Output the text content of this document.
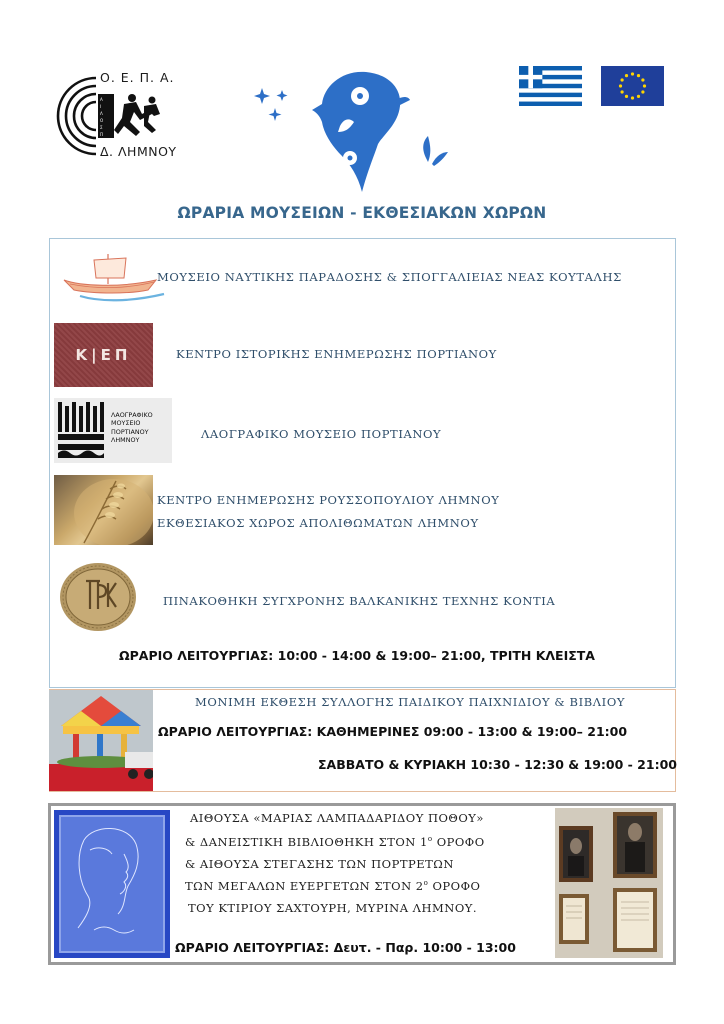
Α
Ι
Λ
Ο
Σ
Π
Ο. Ε. Π. Α.
Δ. ΛΗΜΝΟΥ
ΩΡΑΡΙΑ ΜΟΥΣΕΙΩΝ - ΕΚΘΕΣΙΑΚΩΝ ΧΩΡΩΝ
ΜΟΥΣΕΙΟ ΝΑΥΤΙΚΗΣ ΠΑΡΑΔΟΣΗΣ & ΣΠΟΓΓΑΛΙΕΙΑΣ ΝΕΑΣ ΚΟΥΤΑΛΗΣ
Κ|ΕΠ	ΚΕΝΤΡΟ ΙΣΤΟΡΙΚΗΣ ΕΝΗΜΕΡΩΣΗΣ ΠΟΡΤΙΑΝΟΥ
ΛΑΟΓΡΑΦΙΚΟ
ΜΟΥΣΕΙΟ
ΠΟΡΤΙΑΝΟΥ
ΛΗΜΝΟΥ	ΛΑΟΓΡΑΦΙΚΟ ΜΟΥΣΕΙΟ ΠΟΡΤΙΑΝΟΥ
ΚΕΝΤΡΟ ΕΝΗΜΕΡΩΣΗΣ ΡΟΥΣΣΟΠΟΥΛΙΟΥ ΛΗΜΝΟΥ
ΕΚΘΕΣΙΑΚΟΣ ΧΩΡΟΣ ΑΠΟΛΙΘΩΜΑΤΩΝ ΛΗΜΝΟΥ
ΠΙΝΑΚΟΘΗΚΗ ΣΥΓΧΡΟΝΗΣ ΒΑΛΚΑΝΙΚΗΣ ΤΕΧΝΗΣ ΚΟΝΤΙΑ
ΩΡΑΡΙΟ ΛΕΙΤΟΥΡΓΙΑΣ: 10:00 - 14:00 & 19:00– 21:00, ΤΡΙΤΗ ΚΛΕΙΣΤΑ
ΜΟΝΙΜΗ ΕΚΘΕΣΗ ΣΥΛΛΟΓΗΣ ΠΑΙΔΙΚΟΥ ΠΑΙΧΝΙΔΙΟΥ & ΒΙΒΛΙΟΥ
ΩΡΑΡΙΟ ΛΕΙΤΟΥΡΓΙΑΣ: ΚΑΘΗΜΕΡΙΝΕΣ 09:00 - 13:00 & 19:00– 21:00
ΣΑΒΒΑΤΟ & ΚΥΡΙΑΚΗ 10:30 - 12:30 & 19:00 - 21:00
ΑΙΘΟΥΣΑ «ΜΑΡΙΑΣ ΛΑΜΠΑΔΑΡΙΔΟΥ ΠΟΘΟΥ»
& ΔΑΝΕΙΣΤΙΚΗ ΒΙΒΛΙΟΘΗΚΗ ΣΤΟΝ $1^o$ ΟΡΟΦΟ
& ΑΙΘΟΥΣΑ ΣΤΕΓΑΣΗΣ ΤΩΝ ΠΟΡΤΡΕΤΩΝ
ΤΩΝ ΜΕΓΑΛΩΝ ΕΥΕΡΓΕΤΩΝ ΣΤΟΝ $2^o$ ΟΡΟΦΟ
ΤΟΥ ΚΤΙΡΙΟΥ ΣΑΧΤΟΥΡΗ, ΜΥΡΙΝΑ ΛΗΜΝΟΥ.
ΩΡΑΡΙΟ ΛΕΙΤΟΥΡΓΙΑΣ: Δευτ. - Παρ. 10:00 - 13:00
